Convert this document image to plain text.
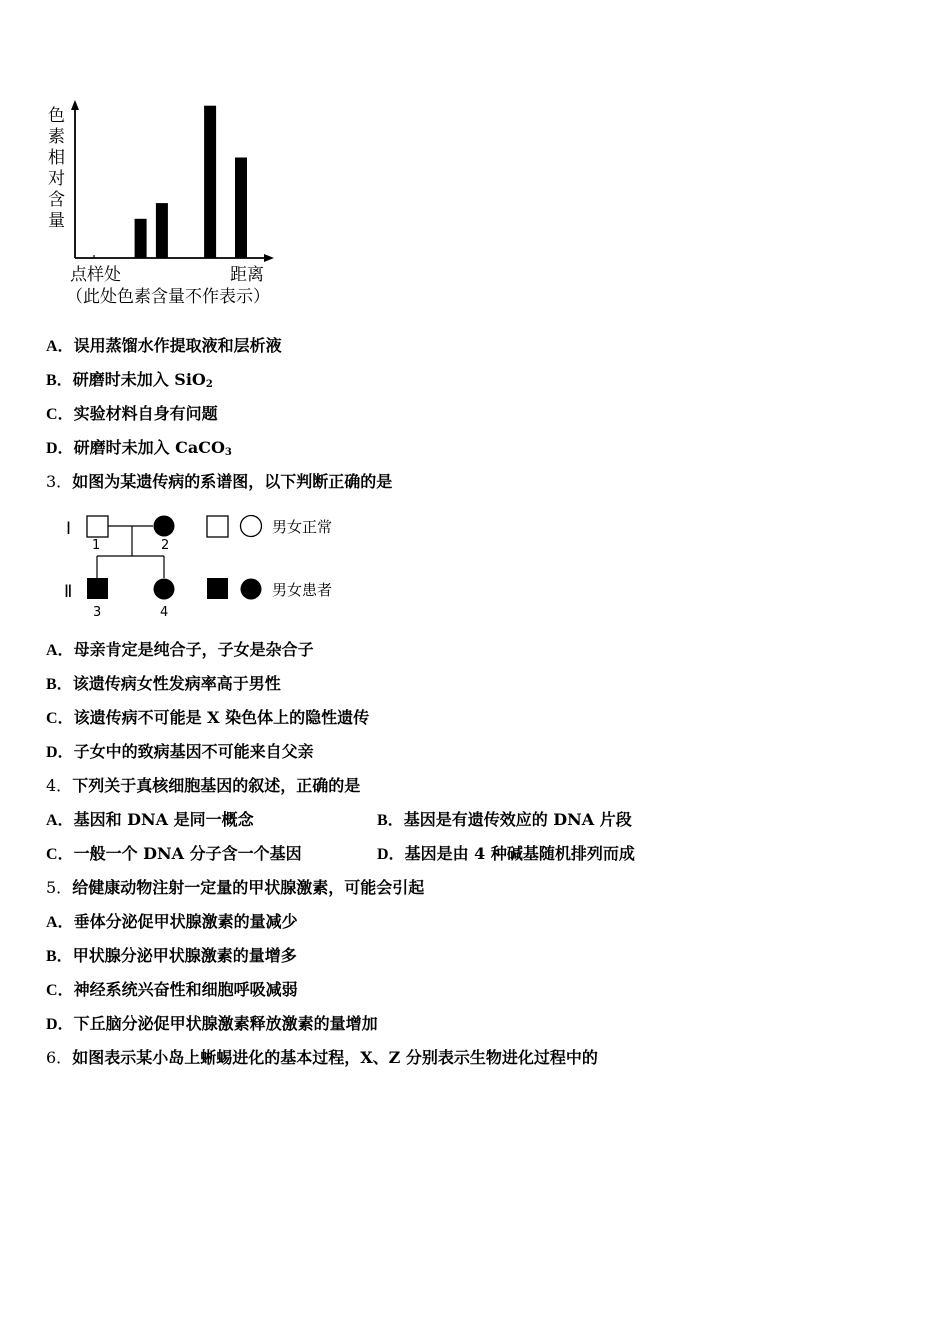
色
素
相
对
含
量
点样处	距离
（此处色素含量不作表示）
A．误用蒸馏水作提取液和层析液
B．研磨时未加入 SiO$_2$
C．实验材料自身有问题
D．研磨时未加入 CaCO$_3$
3．如图为某遗传病的系谱图，以下判断正确的是
Ⅰ
Ⅱ
1	2
3	4
男女正常
男女患者
A．母亲肯定是纯合子，子女是杂合子
B．该遗传病女性发病率高于男性
C．该遗传病不可能是 X 染色体上的隐性遗传
D．子女中的致病基因不可能来自父亲
4．下列关于真核细胞基因的叙述，正确的是
A．基因和 DNA 是同一概念	B．基因是有遗传效应的 DNA 片段
C．一般一个 DNA 分子含一个基因	D．基因是由 4 种碱基随机排列而成
5．给健康动物注射一定量的甲状腺激素，可能会引起
A．垂体分泌促甲状腺激素的量减少
B．甲状腺分泌甲状腺激素的量增多
C．神经系统兴奋性和细胞呼吸减弱
D．下丘脑分泌促甲状腺激素释放激素的量增加
6．如图表示某小岛上蜥蜴进化的基本过程，X、Z 分别表示生物进化过程中的
